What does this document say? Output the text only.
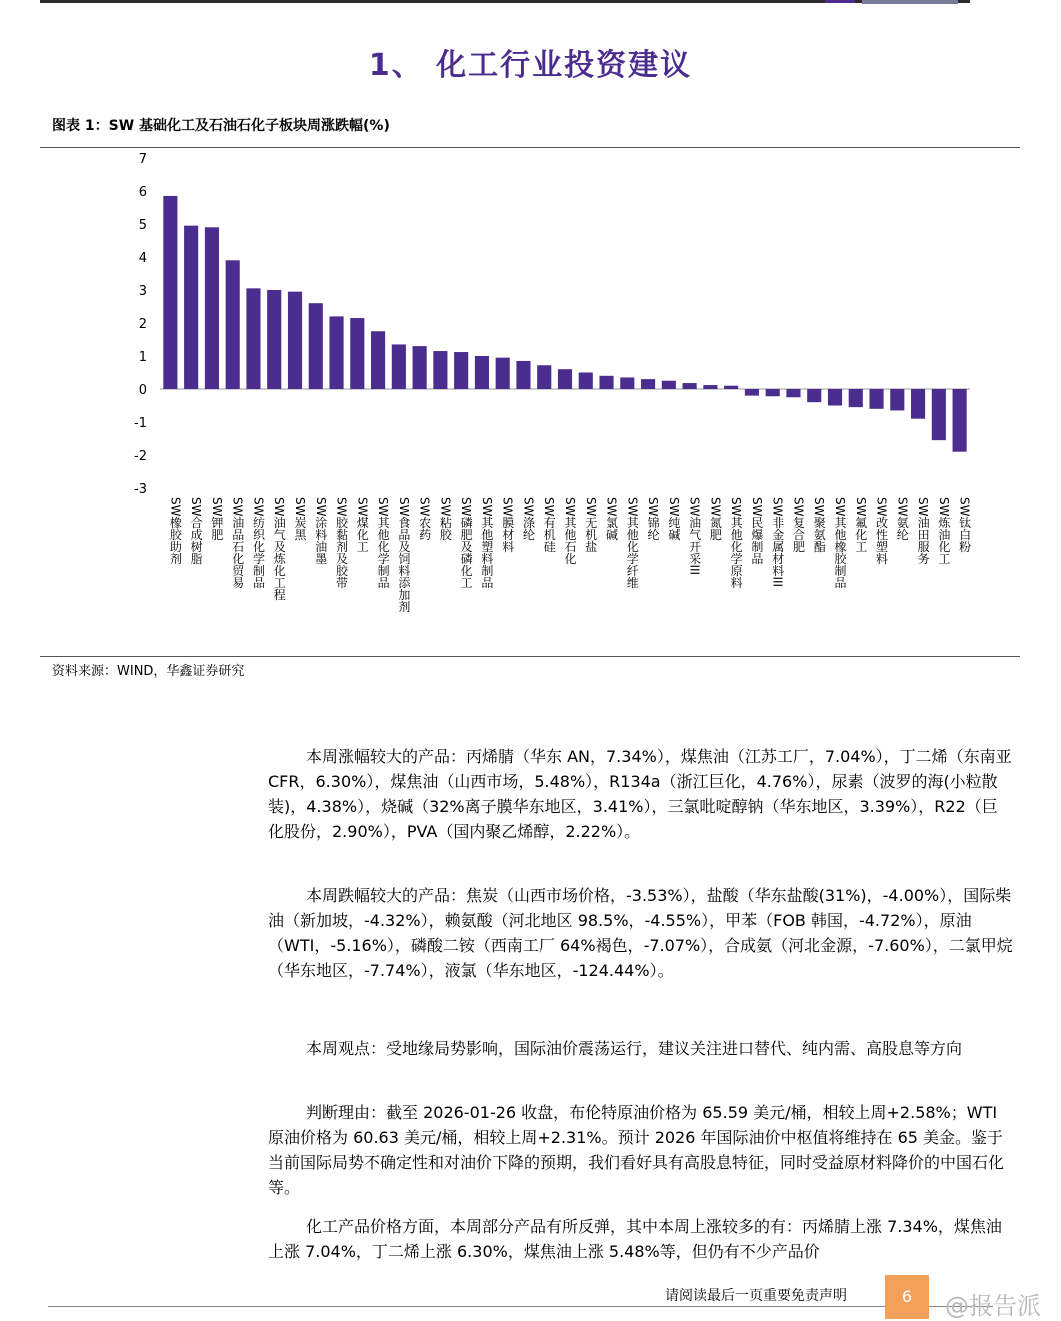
1、 化工行业投资建议
图表 1：SW 基础化工及石油石化子板块周涨跌幅(%)
7
6
5
4
3
2
1
0
-1
-2
-3
SW橡胶助剂 SW合成树脂 SW钾肥 SW油品石化贸易 SW纺织化学制品 SW油气及炼化工程 SW炭黑 SW涂料油墨 SW胶黏剂及胶带 SW煤化工 SW其他化学制品 SW食品及饲料添加剂 SW农药 SW粘胶 SW磷肥及磷化工 SW其他塑料制品 SW膜材料 SW涤纶 SW有机硅 SW其他石化 SW无机盐 SW氯碱 SW其他化学纤维 SW锦纶 SW纯碱 SW油气开采III SW氮肥 SW其他化学原料 SW民爆制品 SW非金属材料III SW复合肥 SW聚氨酯 SW其他橡胶制品 SW氟化工 SW改性塑料 SW氨纶 SW油田服务 SW炼油化工 SW钛白粉
资料来源：WIND，华鑫证券研究

本周涨幅较大的产品：丙烯腈（华东 AN，7.34%），煤焦油（江苏工厂，7.04%），丁二烯（东南亚 CFR，6.30%），煤焦油（山西市场，5.48%），R134a（浙江巨化，4.76%），尿素（波罗的海(小粒散装)，4.38%），烧碱（32%离子膜华东地区，3.41%），三氯吡啶醇钠（华东地区，3.39%），R22（巨化股份，2.90%），PVA（国内聚乙烯醇，2.22%）。

本周跌幅较大的产品：焦炭（山西市场价格，-3.53%），盐酸（华东盐酸(31%)，-4.00%），国际柴油（新加坡，-4.32%），赖氨酸（河北地区 98.5%，-4.55%），甲苯（FOB 韩国，-4.72%），原油（WTI，-5.16%），磷酸二铵（西南工厂 64%褐色，-7.07%），合成氨（河北金源，-7.60%），二氯甲烷（华东地区，-7.74%），液氯（华东地区，-124.44%）。

本周观点：受地缘局势影响，国际油价震荡运行，建议关注进口替代、纯内需、高股息等方向

判断理由：截至 2026-01-26 收盘，布伦特原油价格为 65.59 美元/桶，相较上周+2.58%；WTI 原油价格为 60.63 美元/桶，相较上周+2.31%。预计 2026 年国际油价中枢值将维持在 65 美金。鉴于当前国际局势不确定性和对油价下降的预期，我们看好具有高股息特征，同时受益原材料降价的中国石化等。

化工产品价格方面，本周部分产品有所反弹，其中本周上涨较多的有：丙烯腈上涨 7.34%，煤焦油上涨 7.04%，丁二烯上涨 6.30%，煤焦油上涨 5.48%等，但仍有不少产品价

请阅读最后一页重要免责声明	6	@报告派
